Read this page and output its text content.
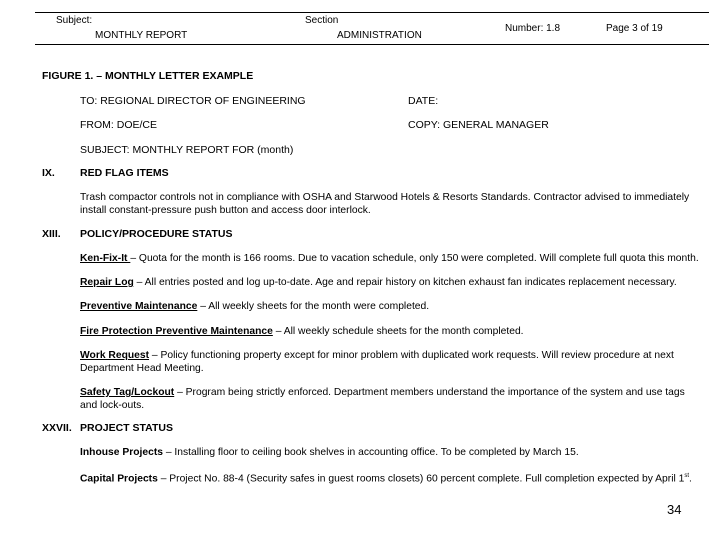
Subject:
MONTHLY REPORT
Section
ADMINISTRATION
Number: 1.8	Page 3 of 19
FIGURE 1. – MONTHLY LETTER EXAMPLE
TO: REGIONAL DIRECTOR OF ENGINEERING	DATE:
FROM: DOE/CE	COPY: GENERAL MANAGER
SUBJECT: MONTHLY REPORT FOR (month)
IX. RED FLAG ITEMS
Trash compactor controls not in compliance with OSHA and Starwood Hotels & Resorts Standards. Contractor advised to immediately install constant-pressure push button and access door interlock.
XIII. POLICY/PROCEDURE STATUS
Ken-Fix-It – Quota for the month is 166 rooms. Due to vacation schedule, only 150 were completed. Will complete full quota this month.
Repair Log – All entries posted and log up-to-date. Age and repair history on kitchen exhaust fan indicates replacement necessary.
Preventive Maintenance – All weekly sheets for the month were completed.
Fire Protection Preventive Maintenance – All weekly schedule sheets for the month completed.
Work Request – Policy functioning property except for minor problem with duplicated work requests. Will review procedure at next Department Head Meeting.
Safety Tag/Lockout – Program being strictly enforced. Department members understand the importance of the system and use tags and lock-outs.
XXVII. PROJECT STATUS
Inhouse Projects – Installing floor to ceiling book shelves in accounting office. To be completed by March 15.
Capital Projects – Project No. 88-4 (Security safes in guest rooms closets) 60 percent complete. Full completion expected by April 1st.
34
